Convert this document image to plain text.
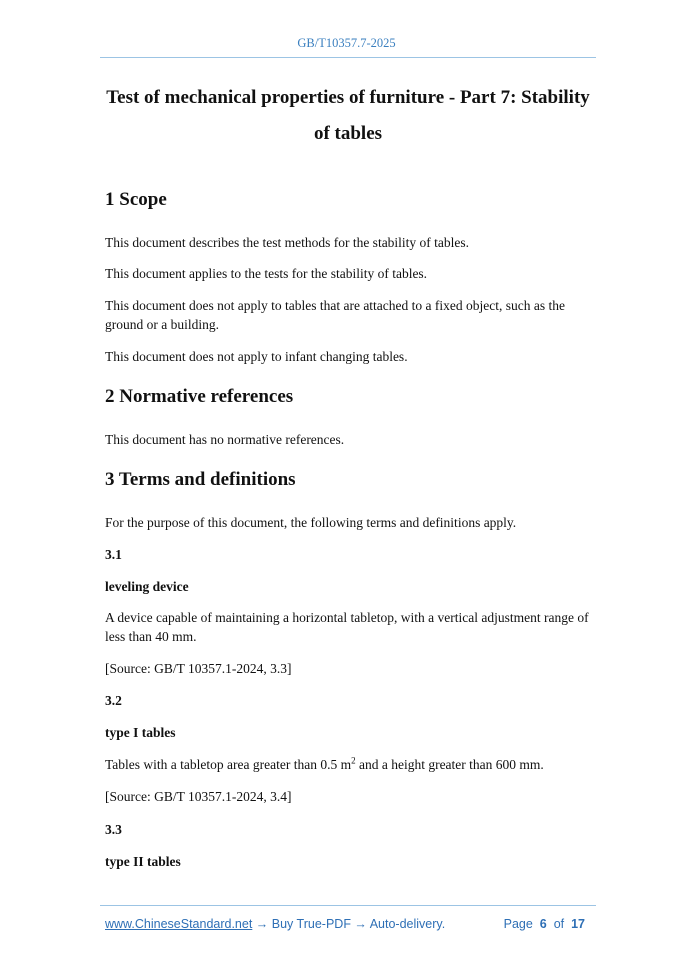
GB/T10357.7-2025
Test of mechanical properties of furniture - Part 7: Stability
of tables
1 Scope
This document describes the test methods for the stability of tables.
This document applies to the tests for the stability of tables.
This document does not apply to tables that are attached to a fixed object, such as the ground or a building.
This document does not apply to infant changing tables.
2 Normative references
This document has no normative references.
3 Terms and definitions
For the purpose of this document, the following terms and definitions apply.
3.1
leveling device
A device capable of maintaining a horizontal tabletop, with a vertical adjustment range of less than 40 mm.
[Source: GB/T 10357.1-2024, 3.3]
3.2
type I tables
Tables with a tabletop area greater than 0.5 $m^2$ and a height greater than 600 mm.
[Source: GB/T 10357.1-2024, 3.4]
3.3
type II tables
www.ChineseStandard.net → Buy True-PDF → Auto-delivery.	Page 6 of 17
